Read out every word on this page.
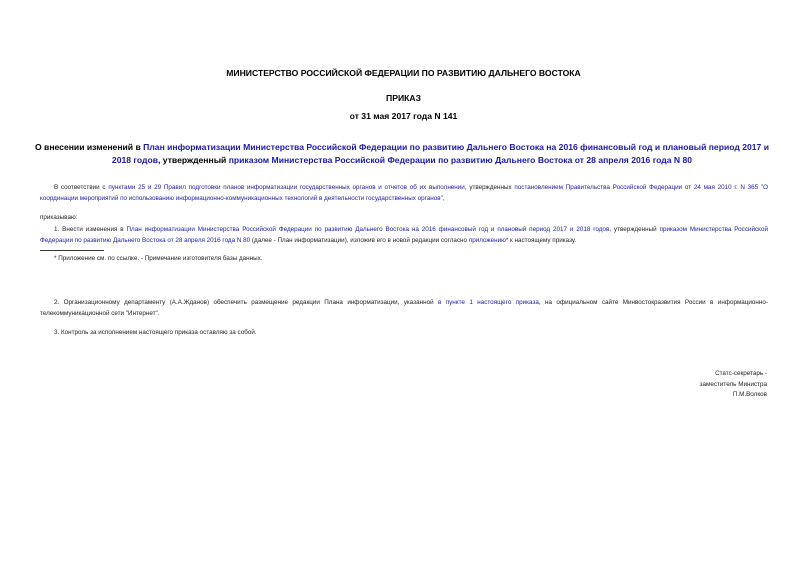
МИНИСТЕРСТВО РОССИЙСКОЙ ФЕДЕРАЦИИ ПО РАЗВИТИЮ ДАЛЬНЕГО ВОСТОКА
ПРИКАЗ
от 31 мая 2017 года N 141
О внесении изменений в План информатизации Министерства Российской Федерации по развитию Дальнего Востока на 2016 финансовый год и плановый период 2017 и 2018 годов, утвержденный приказом Министерства Российской Федерации по развитию Дальнего Востока от 28 апреля 2016 года N 80
В соответствии с пунктами 25 и 29 Правил подготовки планов информатизации государственных органов и отчетов об их выполнении, утвержденных постановлением Правительства Российской Федерации от 24 мая 2010 г. N 365 "О координации мероприятий по использованию информационно-коммуникационных технологий в деятельности государственных органов",
приказываю:
1. Внести изменения в План информатизации Министерства Российской Федерации по развитию Дальнего Востока на 2016 финансовый год и плановый период 2017 и 2018 годов, утвержденный приказом Министерства Российской Федерации по развитию Дальнего Востока от 28 апреля 2016 года N 80 (далее - План информатизации), изложив его в новой редакции согласно приложению* к настоящему приказу.
* Приложение см. по ссылке. - Примечание изготовителя базы данных.
2. Организационному департаменту (А.А.Жданов) обеспечить размещение редакции Плана информатизации, указанной в пункте 1 настоящего приказа, на официальном сайте Минвостокразвития России в информационно-телекоммуникационной сети "Интернет".
3. Контроль за исполнением настоящего приказа оставляю за собой.
Статс-секретарь -
заместитель Министра
П.М.Волков
